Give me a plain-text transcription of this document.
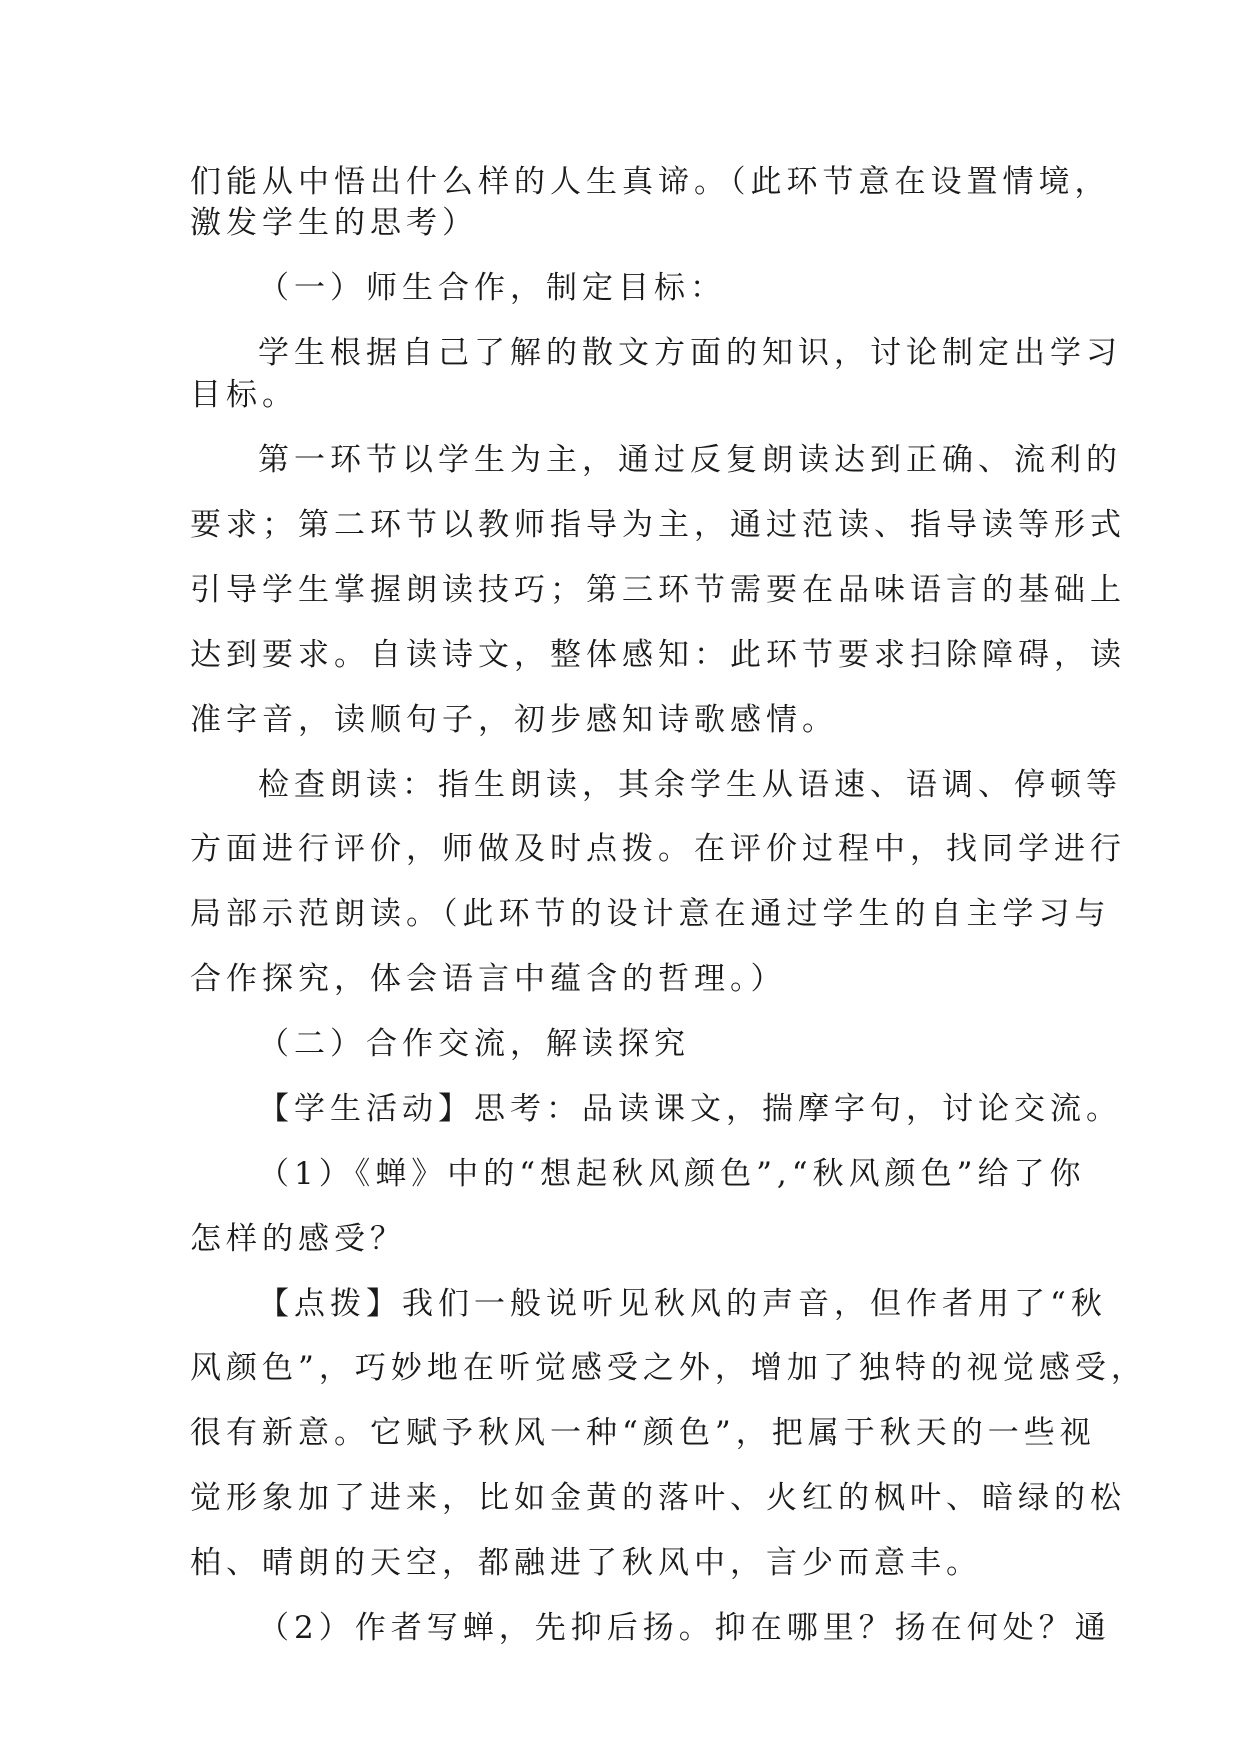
们能从中悟出什么样的人生真谛。（此环节意在设置情境，
激发学生的思考）
（一）师生合作，制定目标：
学生根据自己了解的散文方面的知识，讨论制定出学习
目标。
第一环节以学生为主，通过反复朗读达到正确、流利的
要求；第二环节以教师指导为主，通过范读、指导读等形式
引导学生掌握朗读技巧；第三环节需要在品味语言的基础上
达到要求。自读诗文，整体感知：此环节要求扫除障碍，读
准字音，读顺句子，初步感知诗歌感情。
检查朗读：指生朗读，其余学生从语速、语调、停顿等
方面进行评价，师做及时点拨。在评价过程中，找同学进行
局部示范朗读。（此环节的设计意在通过学生的自主学习与
合作探究，体会语言中蕴含的哲理。）
（二）合作交流，解读探究
【学生活动】思考：品读课文，揣摩字句，讨论交流。
（1）《蝉》中的“想起秋风颜色”,“秋风颜色”给了你
怎样的感受？
【点拨】我们一般说听见秋风的声音，但作者用了“秋
风颜色”，巧妙地在听觉感受之外，增加了独特的视觉感受，
很有新意。它赋予秋风一种“颜色”，把属于秋天的一些视
觉形象加了进来，比如金黄的落叶、火红的枫叶、暗绿的松
柏、晴朗的天空，都融进了秋风中，言少而意丰。
（2）作者写蝉，先抑后扬。抑在哪里？扬在何处？通
